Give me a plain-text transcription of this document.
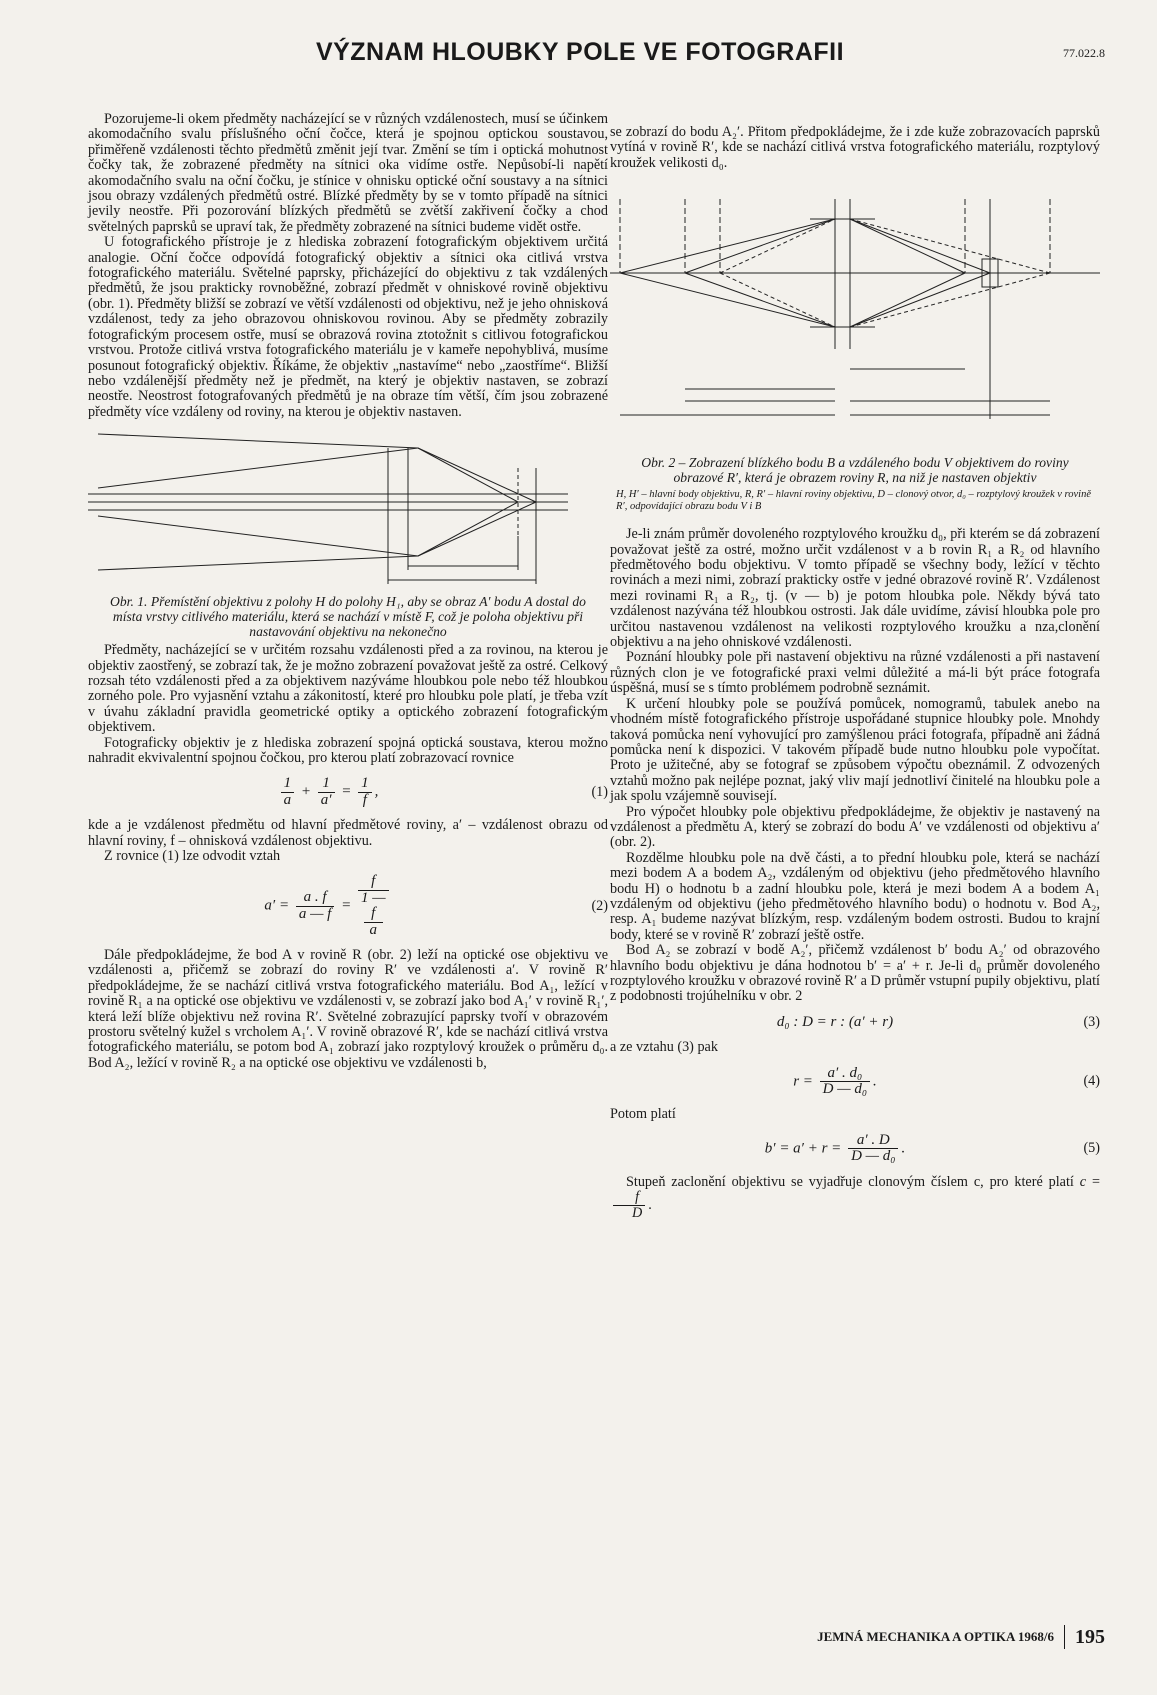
VÝZNAM HLOUBKY POLE VE FOTOGRAFII	77.022.8

Pozorujeme-li okem předměty nacházející se v různých vzdálenostech, musí se účinkem akomodačního svalu příslušného oční čočce, která je spojnou optickou soustavou, přiměřeně vzdálenosti těchto předmětů změnit její tvar. Změní se tím i optická mohutnost čočky tak, že zobrazené předměty na sítnici oka vidíme ostře. Nepůsobí-li napětí akomodačního svalu na oční čočku, je stínice v ohnisku optické oční soustavy a na sítnici jsou obrazy vzdálených předmětů ostré. Blízké předměty by se v tomto případě na sítnici jevily neostře. Při pozorování blízkých předmětů se zvětší zakřivení čočky a chod světelných paprsků se upraví tak, že předměty zobrazené na sítnici budeme vidět ostře.

U fotografického přístroje je z hlediska zobrazení fotografickým objektivem určitá analogie. Oční čočce odpovídá fotografický objektiv a sítnici oka citlivá vrstva fotografického materiálu. Světelné paprsky, přicházející do objektivu z tak vzdálených předmětů, že jsou prakticky rovnoběžné, zobrazí předmět v ohniskové rovině objektivu (obr. 1). Předměty bližší se zobrazí ve větší vzdálenosti od objektivu, než je jeho ohnisková vzdálenost, tedy za jeho obrazovou ohniskovou rovinou. Aby se předměty zobrazily fotografickým procesem ostře, musí se obrazová rovina ztotožnit s citlivou fotografickou vrstvou. Protože citlivá vrstva fotografického materiálu je v kameře nepohyblivá, musíme posunout fotografický objektiv. Říkáme, že objektiv „nastavíme“ nebo „zaostříme“. Bližší nebo vzdálenější předměty než je předmět, na který je objektiv nastaven, se zobrazí neostře. Neostrost fotografovaných předmětů je na obraze tím větší, čím jsou zobrazené předměty více vzdáleny od roviny, na kterou je objektiv nastaven.

Obr. 1. Přemístění objektivu z polohy H do polohy H₁, aby se obraz A′ bodu A dostal do místa vrstvy citlivého materiálu, která se nachází v místě F, což je poloha objektivu při nastavování objektivu na nekonečno

Předměty, nacházející se v určitém rozsahu vzdálenosti před a za rovinou, na kterou je objektiv zaostřený, se zobrazí tak, že je možno zobrazení považovat ještě za ostré. Celkový rozsah této vzdálenosti před a za objektivem nazýváme hloubkou pole nebo též hloubkou zorného pole. Pro vyjasnění vztahu a zákonitostí, které pro hloubku pole platí, je třeba vzít v úvahu základní pravidla geometrické optiky a optického zobrazení fotografickým objektivem.

Fotograficky objektiv je z hlediska zobrazení spojná optická soustava, kterou možno nahradit ekvivalentní spojnou čočkou, pro kterou platí zobrazovací rovnice

$\frac{1}{a} + \frac{1}{a'} = \frac{1}{f}$ ,	(1)

kde a je vzdálenost předmětu od hlavní předmětové roviny, a′ – vzdálenost obrazu od hlavní roviny, f – ohnisková vzdálenost objektivu.

Z rovnice (1) lze odvodit vztah

$a' = \frac{a . f}{a — f} = f$
1 —
f
a	(2)

Dále předpokládejme, že bod A v rovině R (obr. 2) leží na optické ose objektivu ve vzdálenosti a, přičemž se zobrazí do roviny R′ ve vzdálenosti a′. V rovině R′ předpokládejme, že se nachází citlivá vrstva fotografického materiálu. Bod A₁, ležící v rovině R₁ a na optické ose objektivu ve vzdálenosti v, se zobrazí jako bod A₁′ v rovině R₁′, která leží blíže objektivu než rovina R′. Světelné zobrazující paprsky tvoří v obrazovém prostoru světelný kužel s vrcholem A₁′. V rovině obrazové R′, kde se nachází citlivá vrstva fotografického materiálu, se potom bod A₁ zobrazí jako rozptylový kroužek o průměru d₀. Bod A₂, ležící v rovině R₂ a na optické ose objektivu ve vzdálenosti b,

se zobrazí do bodu A₂′. Přitom předpokládejme, že i zde kuže zobrazovacích paprsků vytíná v rovině R′, kde se nachází citlivá vrstva fotografického materiálu, rozptylový kroužek velikosti d₀.

Obr. 2 – Zobrazení blízkého bodu B a vzdáleného bodu V objektivem do roviny obrazové R′, která je obrazem roviny R, na niž je nastaven objektiv
H, H′ – hlavní body objektivu, R, R′ – hlavní roviny objektivu, D – clonový otvor, d₀ – rozptylový kroužek v rovině R′, odpovídající obrazu bodu V i B

Je-li znám průměr dovoleného rozptylového kroužku d₀, při kterém se dá zobrazení považovat ještě za ostré, možno určit vzdálenost v a b rovin R₁ a R₂ od hlavního předmětového bodu objektivu. V tomto případě se všechny body, ležící v těchto rovinách a mezi nimi, zobrazí prakticky ostře v jedné obrazové rovině R′. Vzdálenost mezi rovinami R₁ a R₂, tj. (v — b) je potom hloubka pole. Někdy bývá tato vzdálenost nazývána též hloubkou ostrosti. Jak dále uvidíme, závisí hloubka pole pro určitou nastavenou vzdálenost na velikosti rozptylového kroužku a nza,clonění objektivu a na jeho ohniskové vzdálenosti.

Poznání hloubky pole při nastavení objektivu na různé vzdálenosti a při nastavení různých clon je ve fotografické praxi velmi důležité a má-li být práce fotografa úspěšná, musí se s tímto problémem podrobně seznámit.

K určení hloubky pole se používá pomůcek, nomogramů, tabulek anebo na vhodném místě fotografického přístroje uspořádané stupnice hloubky pole. Mnohdy taková pomůcka není vyhovující pro zamýšlenou práci fotografa, případně ani žádná pomůcka není k dispozici. V takovém případě bude nutno hloubku pole vypočítat. Proto je užitečné, aby se fotograf se způsobem výpočtu obeznámil. Z odvozených vztahů možno pak nejlépe poznat, jaký vliv mají jednotliví činitelé na hloubku pole a jak spolu vzájemně souvisejí.

Pro výpočet hloubky pole objektivu předpokládejme, že objektiv je nastavený na vzdálenost a předmětu A, který se zobrazí do bodu A′ ve vzdálenosti od objektivu a′ (obr. 2).

Rozdělme hloubku pole na dvě části, a to přední hloubku pole, která se nachází mezi bodem A a bodem A₂, vzdáleným od objektivu (jeho předmětového hlavního bodu H) o hodnotu b a zadní hloubku pole, která je mezi bodem A a bodem A₁ vzdáleným od objektivu (jeho předmětového hlavního bodu) o hodnotu v. Bod A₂, resp. A₁ budeme nazývat blízkým, resp. vzdáleným bodem ostrosti. Budou to krajní body, které se v rovině R′ zobrazí ještě ostře.

Bod A₂ se zobrazí v bodě A₂′, přičemž vzdálenost b′ bodu A₂′ od obrazového hlavního bodu objektivu je dána hodnotou b′ = a′ + r. Je-li d₀ průměr dovoleného rozptylového kroužku v obrazové rovině R′ a D průměr vstupní pupily objektivu, platí z podobnosti trojúhelníku v obr. 2

d₀ : D = r : (a′ + r)	(3)

a ze vztahu (3) pak

$r = \frac{\text{a′ . d₀}}{\text{D — d₀}}$ .	(4)

Potom platí

$b' = a' + r = \frac{a' . D}{\text{D — d₀}}$ .	(5)

Stupeň zaclonění objektivu se vyjadřuje clonovým číslem c, pro které platí c =
$\frac{f}{D}$ .

JEMNÁ MECHANIKA A OPTIKA 1968/6 195
